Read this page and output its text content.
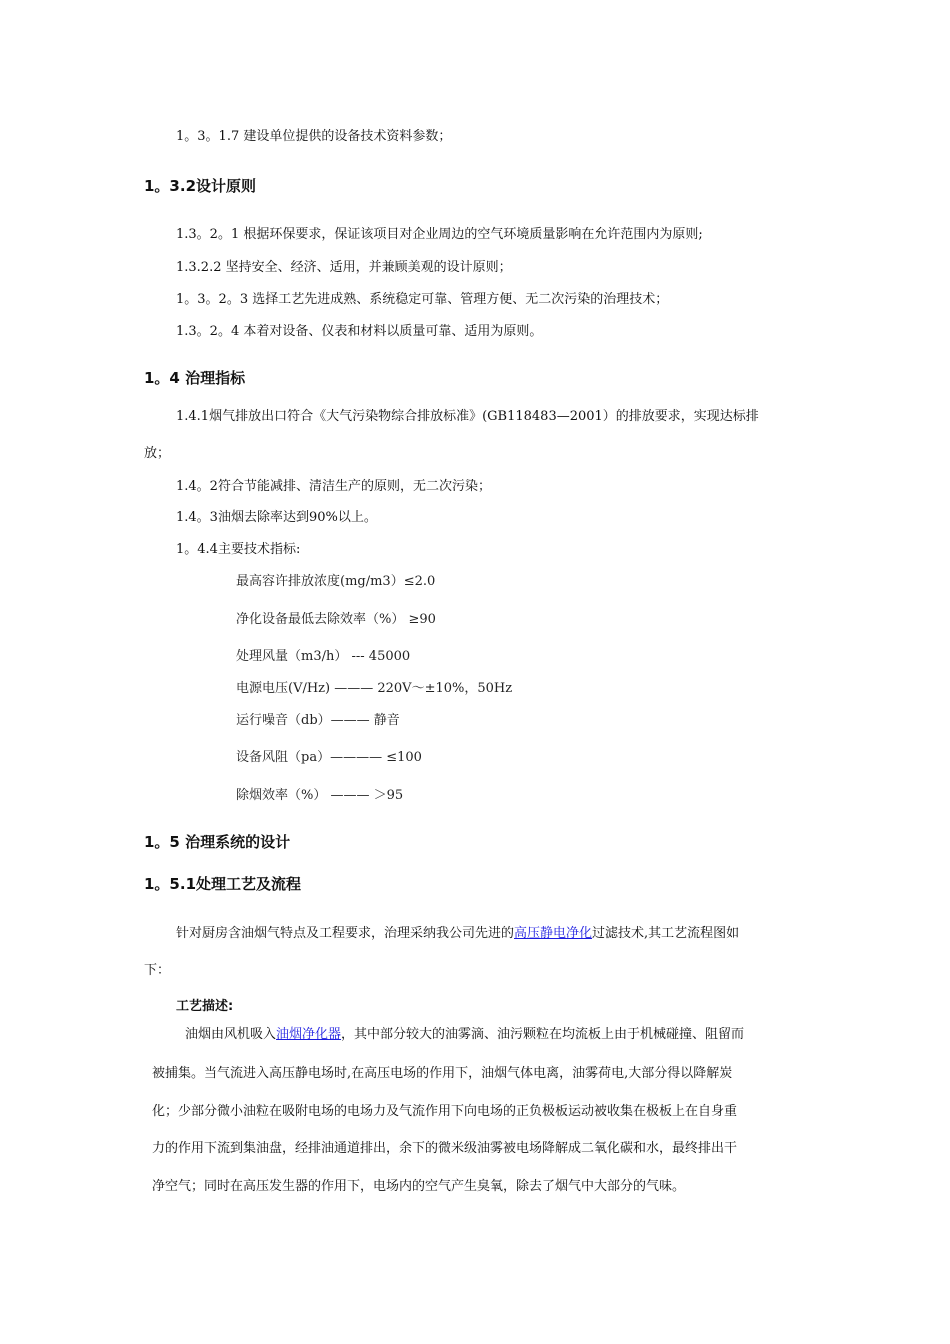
1。3。1.7 建设单位提供的设备技术资料参数；
1。3.2设计原则
1.3。2。1 根据环保要求，保证该项目对企业周边的空气环境质量影响在允许范围内为原则;
1.3.2.2 坚持安全、经济、适用，并兼顾美观的设计原则；
1。3。2。3 选择工艺先进成熟、系统稳定可靠、管理方便、无二次污染的治理技术；
1.3。2。4 本着对设备、仪表和材料以质量可靠、适用为原则。
1。4 治理指标
1.4.1烟气排放出口符合《大气污染物综合排放标准》(GB118483—2001）的排放要求，实现达标排
放；
1.4。2符合节能减排、清洁生产的原则，无二次污染；
1.4。3油烟去除率达到90%以上。
1。4.4主要技术指标:
最高容许排放浓度(mg/m3）≤2.0
净化设备最低去除效率（%） ≥90
处理风量（m3/h） --- 45000
电源电压(V/Hz) ——— 220V～±10%，50Hz
运行噪音（db）——— 静音
设备风阻（pa）———— ≤100
除烟效率（%） ——— ＞95
1。5 治理系统的设计
1。5.1处理工艺及流程
针对厨房含油烟气特点及工程要求，治理采纳我公司先进的高压静电净化过滤技术,其工艺流程图如
下：
工艺描述:
油烟由风机吸入油烟净化器，其中部分较大的油雾滴、油污颗粒在均流板上由于机械碰撞、阻留而
被捕集。当气流进入高压静电场时,在高压电场的作用下，油烟气体电离，油雾荷电,大部分得以降解炭
化；少部分微小油粒在吸附电场的电场力及气流作用下向电场的正负极板运动被收集在极板上在自身重
力的作用下流到集油盘，经排油通道排出，余下的微米级油雾被电场降解成二氧化碳和水，最终排出干
净空气；同时在高压发生器的作用下，电场内的空气产生臭氧，除去了烟气中大部分的气味。
